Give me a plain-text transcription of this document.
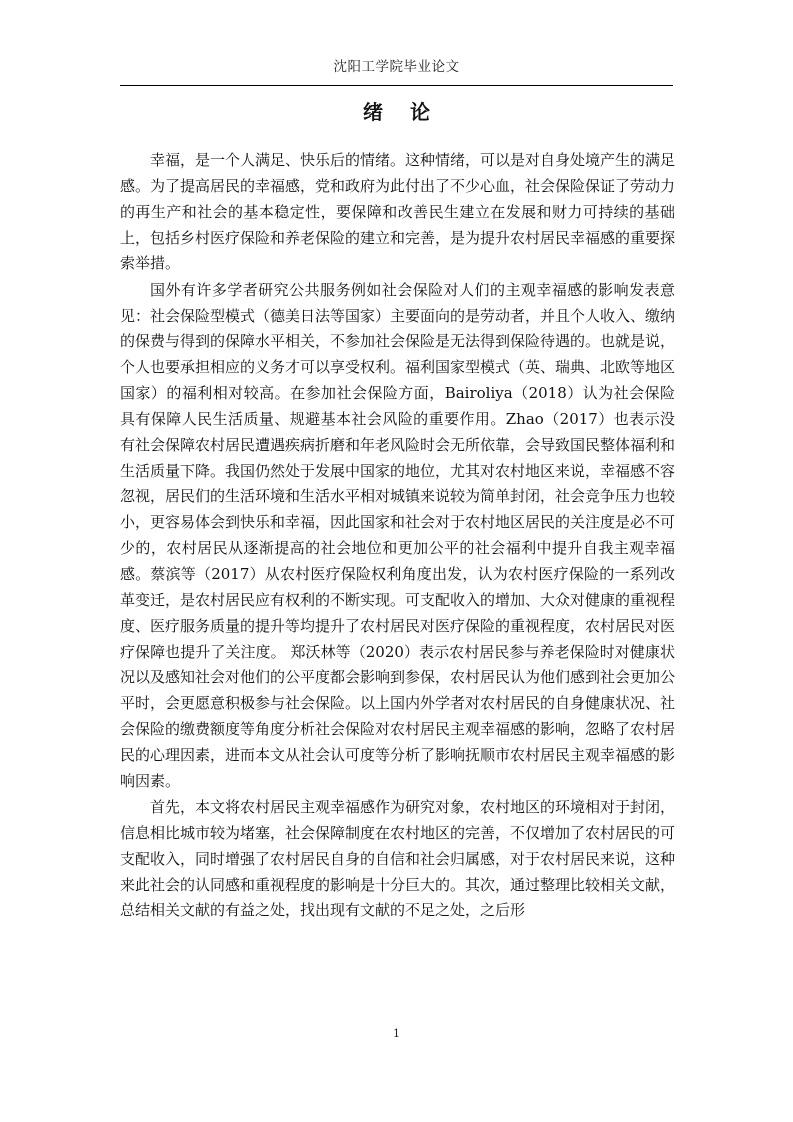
沈阳工学院毕业论文
绪 论

幸福，是一个人满足、快乐后的情绪。这种情绪，可以是对自身处境产生的满足感。为了提高居民的幸福感，党和政府为此付出了不少心血，社会保险保证了劳动力的再生产和社会的基本稳定性，要保障和改善民生建立在发展和财力可持续的基础上，包括乡村医疗保险和养老保险的建立和完善，是为提升农村居民幸福感的重要探索举措。

国外有许多学者研究公共服务例如社会保险对人们的主观幸福感的影响发表意见：社会保险型模式（德美日法等国家）主要面向的是劳动者，并且个人收入、缴纳的保费与得到的保障水平相关，不参加社会保险是无法得到保险待遇的。也就是说，个人也要承担相应的义务才可以享受权利。福利国家型模式（英、瑞典、北欧等地区国家）的福利相对较高。在参加社会保险方面，Bairoliya（2018）认为社会保险具有保障人民生活质量、规避基本社会风险的重要作用。Zhao（2017）也表示没有社会保障农村居民遭遇疾病折磨和年老风险时会无所依靠，会导致国民整体福利和生活质量下降。我国仍然处于发展中国家的地位，尤其对农村地区来说，幸福感不容忽视，居民们的生活环境和生活水平相对城镇来说较为简单封闭，社会竞争压力也较小，更容易体会到快乐和幸福，因此国家和社会对于农村地区居民的关注度是必不可少的，农村居民从逐渐提高的社会地位和更加公平的社会福利中提升自我主观幸福感。蔡滨等（2017）从农村医疗保险权利角度出发，认为农村医疗保险的一系列改革变迁，是农村居民应有权利的不断实现。可支配收入的增加、大众对健康的重视程度、医疗服务质量的提升等均提升了农村居民对医疗保险的重视程度，农村居民对医疗保障也提升了关注度。 郑沃林等（2020）表示农村居民参与养老保险时对健康状况以及感知社会对他们的公平度都会影响到参保，农村居民认为他们感到社会更加公平时，会更愿意积极参与社会保险。以上国内外学者对农村居民的自身健康状况、社会保险的缴费额度等角度分析社会保险对农村居民主观幸福感的影响，忽略了农村居民的心理因素，进而本文从社会认可度等分析了影响抚顺市农村居民主观幸福感的影响因素。

首先，本文将农村居民主观幸福感作为研究对象，农村地区的环境相对于封闭，信息相比城市较为堵塞，社会保障制度在农村地区的完善，不仅增加了农村居民的可支配收入，同时增强了农村居民自身的自信和社会归属感，对于农村居民来说，这种来此社会的认同感和重视程度的影响是十分巨大的。其次，通过整理比较相关文献，总结相关文献的有益之处，找出现有文献的不足之处，之后形

1
